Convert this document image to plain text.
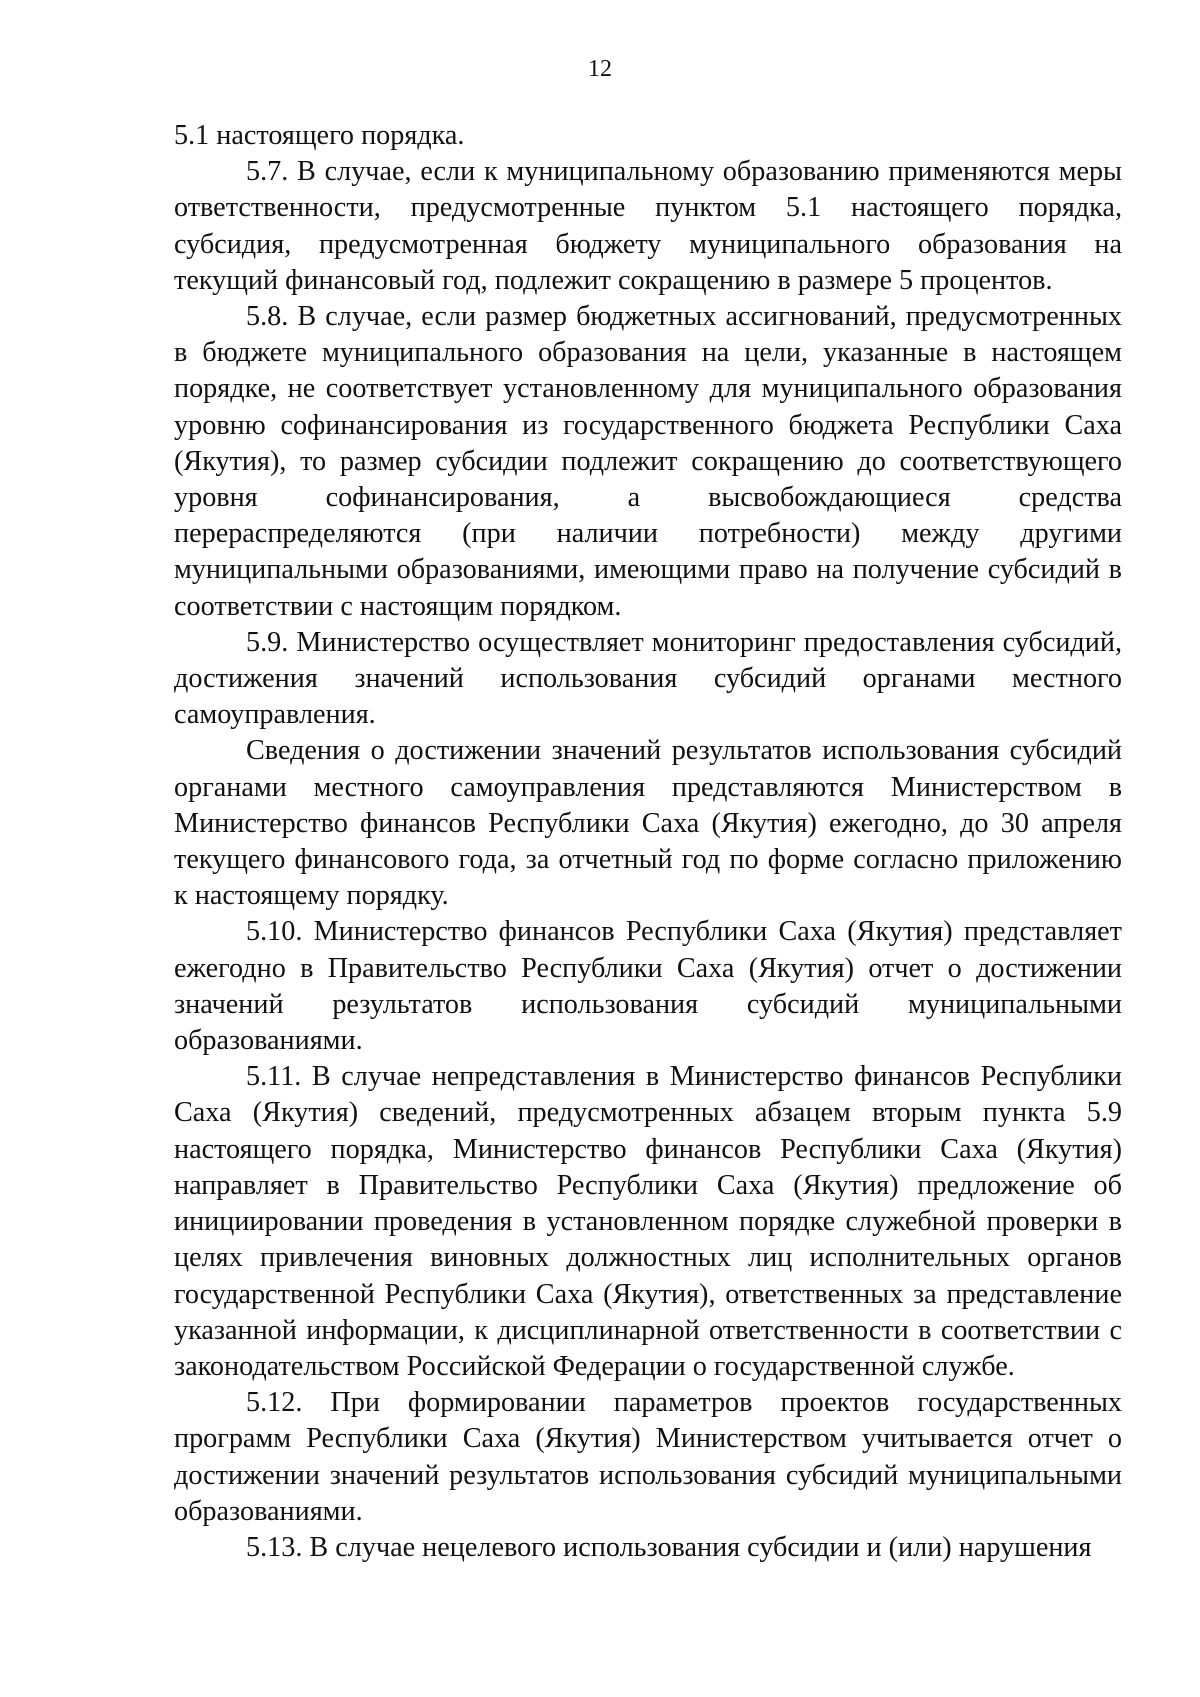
12

5.1 настоящего порядка.

5.7. В случае, если к муниципальному образованию применяются меры ответственности, предусмотренные пунктом 5.1 настоящего порядка, субсидия, предусмотренная бюджету муниципального образования на текущий финансовый год, подлежит сокращению в размере 5 процентов.

5.8. В случае, если размер бюджетных ассигнований, предусмотренных в бюджете муниципального образования на цели, указанные в настоящем порядке, не соответствует установленному для муниципального образования уровню софинансирования из государственного бюджета Республики Саха (Якутия), то размер субсидии подлежит сокращению до соответствующего уровня софинансирования, а высвобождающиеся средства перераспределяются (при наличии потребности) между другими муниципальными образованиями, имеющими право на получение субсидий в соответствии с настоящим порядком.

5.9. Министерство осуществляет мониторинг предоставления субсидий, достижения значений использования субсидий органами местного самоуправления.

Сведения о достижении значений результатов использования субсидий органами местного самоуправления представляются Министерством в Министерство финансов Республики Саха (Якутия) ежегодно, до 30 апреля текущего финансового года, за отчетный год по форме согласно приложению к настоящему порядку.

5.10. Министерство финансов Республики Саха (Якутия) представляет ежегодно в Правительство Республики Саха (Якутия) отчет о достижении значений результатов использования субсидий муниципальными образованиями.

5.11. В случае непредставления в Министерство финансов Республики Саха (Якутия) сведений, предусмотренных абзацем вторым пункта 5.9 настоящего порядка, Министерство финансов Республики Саха (Якутия) направляет в Правительство Республики Саха (Якутия) предложение об инициировании проведения в установленном порядке служебной проверки в целях привлечения виновных должностных лиц исполнительных органов государственной Республики Саха (Якутия), ответственных за представление указанной информации, к дисциплинарной ответственности в соответствии с законодательством Российской Федерации о государственной службе.

5.12. При формировании параметров проектов государственных программ Республики Саха (Якутия) Министерством учитывается отчет о достижении значений результатов использования субсидий муниципальными образованиями.

5.13. В случае нецелевого использования субсидии и (или) нарушения
